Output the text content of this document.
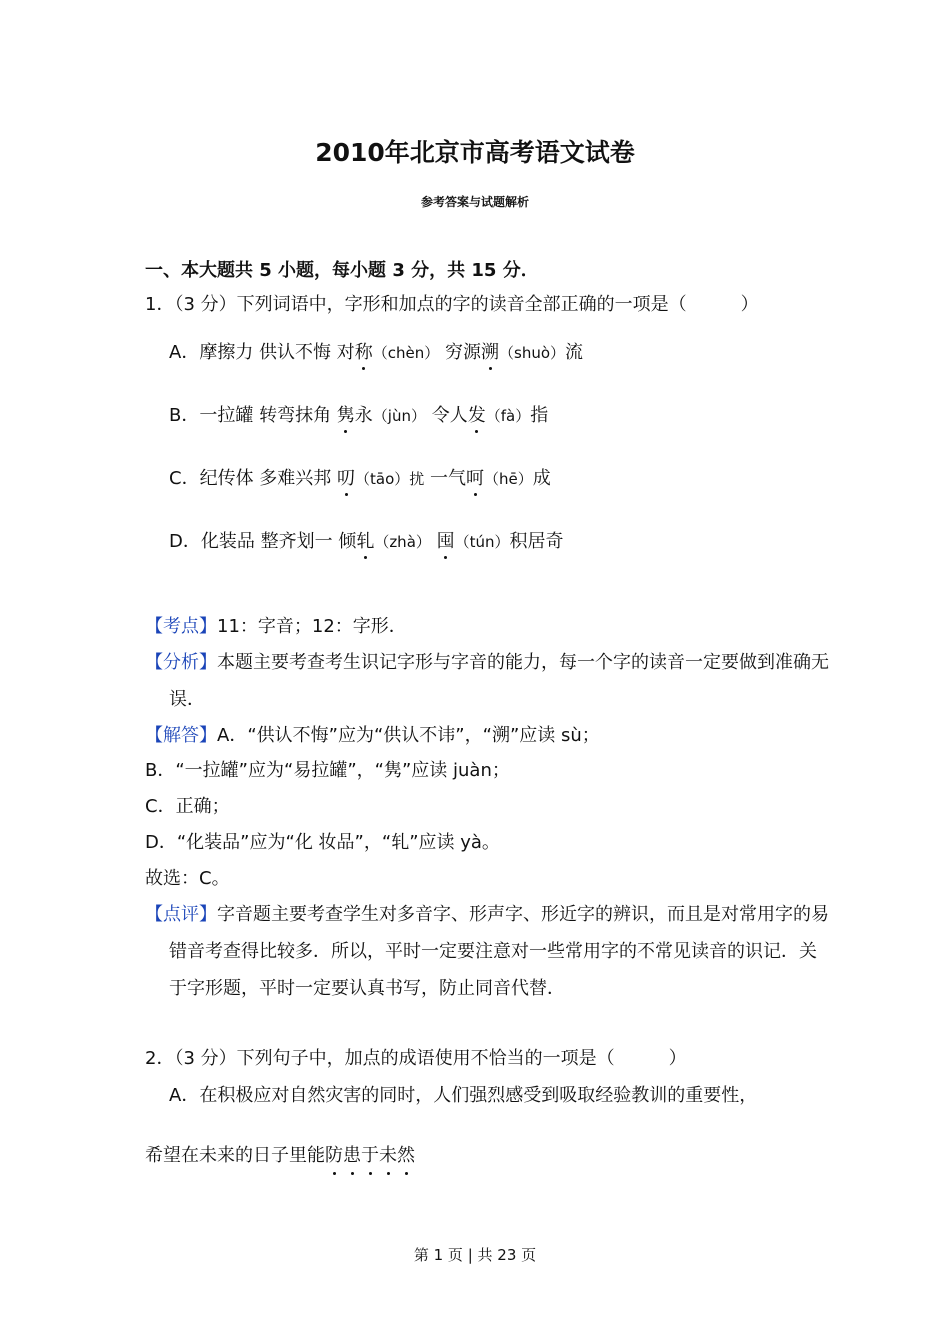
2010年北京市高考语文试卷
参考答案与试题解析
一、本大题共 5 小题，每小题 3 分，共 15 分．
1．（3 分）下列词语中，字形和加点的字的读音全部正确的一项是（　　　）
A．摩擦力 供认不悔 对称（chèn） 穷源溯（shuò）流
B．一拉罐 转弯抹角 隽永（jùn） 令人发（fà）指
C．纪传体 多难兴邦 叨（tāo）扰 一气呵（hē）成
D．化装品 整齐划一 倾轧（zhà） 囤（tún）积居奇
【考点】11：字音；12：字形．
【分析】本题主要考查考生识记字形与字音的能力，每一个字的读音一定要做到准确无误．
【解答】A．“供认不悔”应为“供认不讳”，“溯”应读 sù；
B．“一拉罐”应为“易拉罐”，“隽”应读 juàn；
C．正确；
D．“化装品”应为“化 妆品”，“轧”应读 yà。
故选：C。
【点评】字音题主要考查学生对多音字、形声字、形近字的辨识，而且是对常用字的易错音考查得比较多．所以，平时一定要注意对一些常用字的不常见读音的识记．关于字形题，平时一定要认真书写，防止同音代替．
2．（3 分）下列句子中，加点的成语使用不恰当的一项是（　　　）
A．在积极应对自然灾害的同时，人们强烈感受到吸取经验教训的重要性，
希望在未来的日子里能防患于未然
第 1 页 | 共 23 页
